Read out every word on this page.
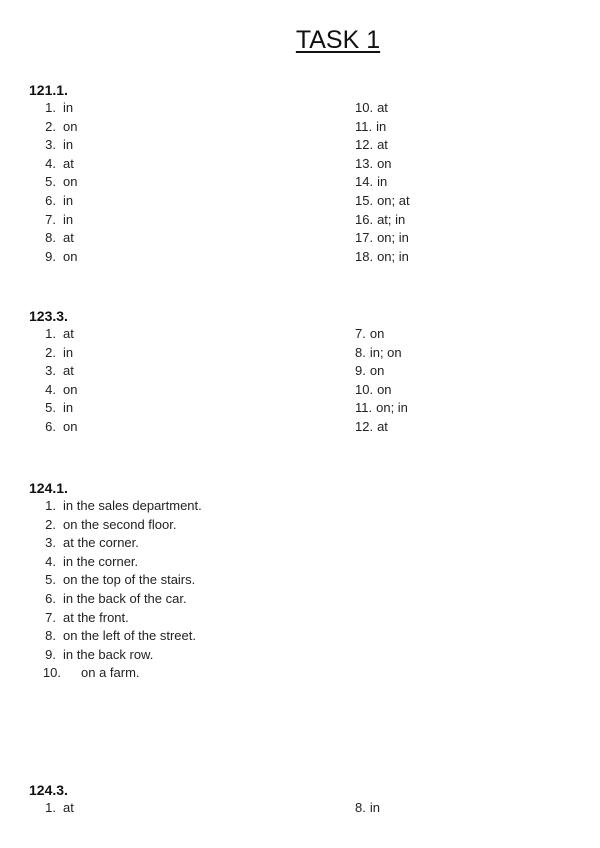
TASK 1
121.1.
1. in
2. on
3. in
4. at
5. on
6. in
7. in
8. at
9. on
10. at
11. in
12. at
13. on
14. in
15. on; at
16. at; in
17. on; in
18. on; in
123.3.
1. at
2. in
3. at
4. on
5. in
6. on
7. on
8. in; on
9. on
10. on
11. on; in
12. at
124.1.
1. in the sales department.
2. on the second floor.
3. at the corner.
4. in the corner.
5. on the top of the stairs.
6. in the back of the car.
7. at the front.
8. on the left of the street.
9. in the back row.
10. on a farm.
124.3.
1. at	8. in
